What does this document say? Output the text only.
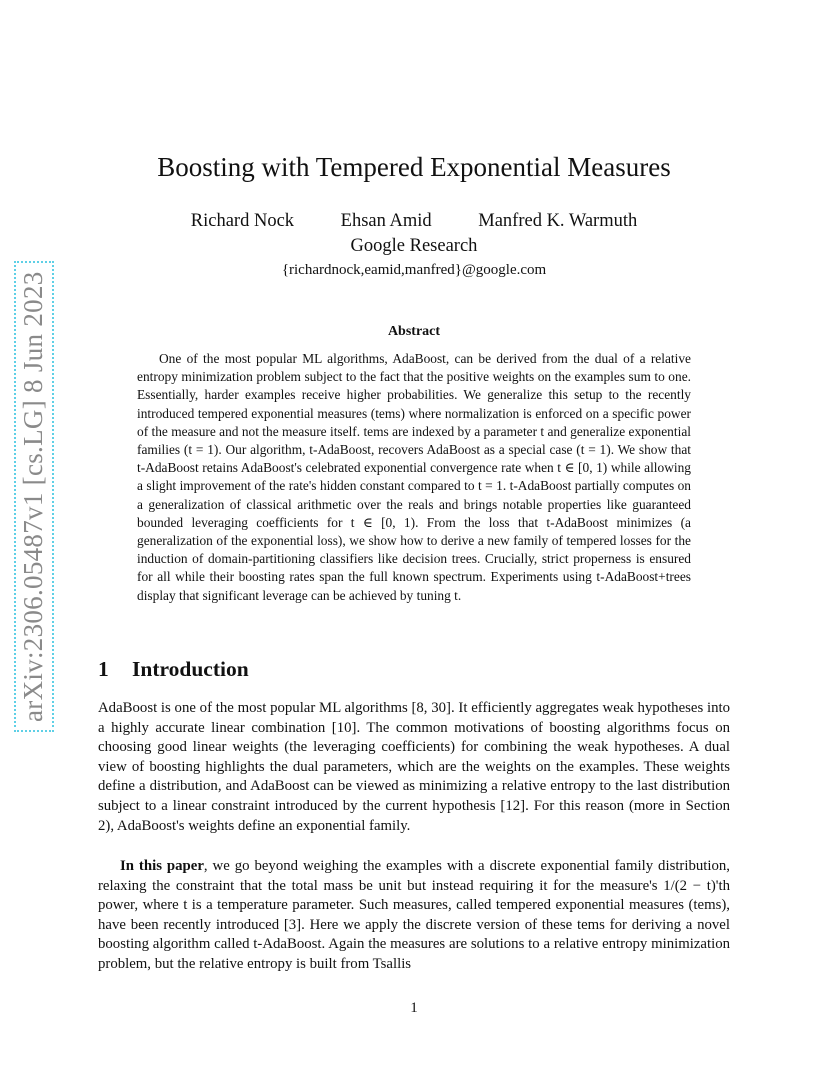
arXiv:2306.05487v1 [cs.LG] 8 Jun 2023
Boosting with Tempered Exponential Measures
Richard Nock	Ehsan Amid	Manfred K. Warmuth
Google Research
{richardnock,eamid,manfred}@google.com
Abstract
One of the most popular ML algorithms, AdaBoost, can be derived from the dual of a relative entropy minimization problem subject to the fact that the positive weights on the examples sum to one. Essentially, harder examples receive higher probabilities. We generalize this setup to the recently introduced tempered exponential measures (tems) where normalization is enforced on a specific power of the measure and not the measure itself. tems are indexed by a parameter t and generalize exponential families (t = 1). Our algorithm, t-AdaBoost, recovers AdaBoost as a special case (t = 1). We show that t-AdaBoost retains AdaBoost's celebrated exponential convergence rate when t ∈ [0, 1) while allowing a slight improvement of the rate's hidden constant compared to t = 1. t-AdaBoost partially computes on a generalization of classical arithmetic over the reals and brings notable properties like guaranteed bounded leveraging coefficients for t ∈ [0, 1). From the loss that t-AdaBoost minimizes (a generalization of the exponential loss), we show how to derive a new family of tempered losses for the induction of domain-partitioning classifiers like decision trees. Crucially, strict properness is ensured for all while their boosting rates span the full known spectrum. Experiments using t-AdaBoost+trees display that significant leverage can be achieved by tuning t.
1 Introduction
AdaBoost is one of the most popular ML algorithms [8, 30]. It efficiently aggregates weak hypotheses into a highly accurate linear combination [10]. The common motivations of boosting algorithms focus on choosing good linear weights (the leveraging coefficients) for combining the weak hypotheses. A dual view of boosting highlights the dual parameters, which are the weights on the examples. These weights define a distribution, and AdaBoost can be viewed as minimizing a relative entropy to the last distribution subject to a linear constraint introduced by the current hypothesis [12]. For this reason (more in Section 2), AdaBoost's weights define an exponential family.
In this paper, we go beyond weighing the examples with a discrete exponential family distribution, relaxing the constraint that the total mass be unit but instead requiring it for the measure's 1/(2 − t)'th power, where t is a temperature parameter. Such measures, called tempered exponential measures (tems), have been recently introduced [3]. Here we apply the discrete version of these tems for deriving a novel boosting algorithm called t-AdaBoost. Again the measures are solutions to a relative entropy minimization problem, but the relative entropy is built from Tsallis
1
